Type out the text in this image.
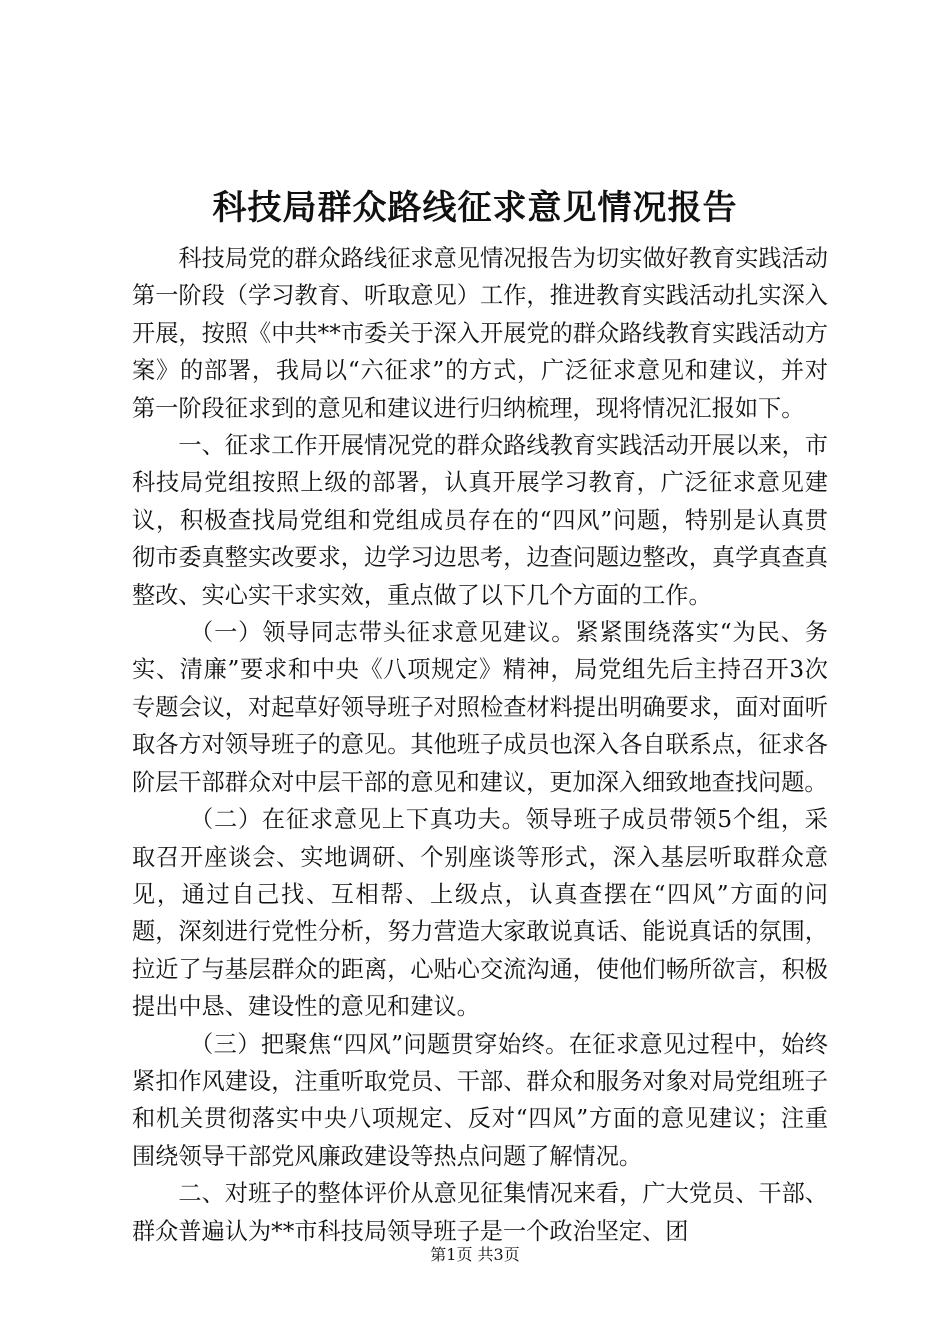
科技局群众路线征求意见情况报告

科技局党的群众路线征求意见情况报告为切实做好教育实践活动第一阶段（学习教育、听取意见）工作，推进教育实践活动扎实深入开展，按照《中共**市委关于深入开展党的群众路线教育实践活动方案》的部署，我局以“六征求”的方式，广泛征求意见和建议，并对第一阶段征求到的意见和建议进行归纳梳理，现将情况汇报如下。

一、征求工作开展情况党的群众路线教育实践活动开展以来，市科技局党组按照上级的部署，认真开展学习教育，广泛征求意见建议，积极查找局党组和党组成员存在的“四风”问题，特别是认真贯彻市委真整实改要求，边学习边思考，边查问题边整改，真学真查真整改、实心实干求实效，重点做了以下几个方面的工作。

（一）领导同志带头征求意见建议。紧紧围绕落实“为民、务实、清廉”要求和中央《八项规定》精神，局党组先后主持召开3次专题会议，对起草好领导班子对照检查材料提出明确要求，面对面听取各方对领导班子的意见。其他班子成员也深入各自联系点，征求各阶层干部群众对中层干部的意见和建议，更加深入细致地查找问题。

（二）在征求意见上下真功夫。领导班子成员带领5个组，采取召开座谈会、实地调研、个别座谈等形式，深入基层听取群众意见，通过自己找、互相帮、上级点，认真查摆在“四风”方面的问题，深刻进行党性分析，努力营造大家敢说真话、能说真话的氛围，拉近了与基层群众的距离，心贴心交流沟通，使他们畅所欲言，积极提出中恳、建设性的意见和建议。

（三）把聚焦“四风”问题贯穿始终。在征求意见过程中，始终紧扣作风建设，注重听取党员、干部、群众和服务对象对局党组班子和机关贯彻落实中央八项规定、反对“四风”方面的意见建议；注重围绕领导干部党风廉政建设等热点问题了解情况。

二、对班子的整体评价从意见征集情况来看，广大党员、干部、群众普遍认为**市科技局领导班子是一个政治坚定、团

第1页 共3页
